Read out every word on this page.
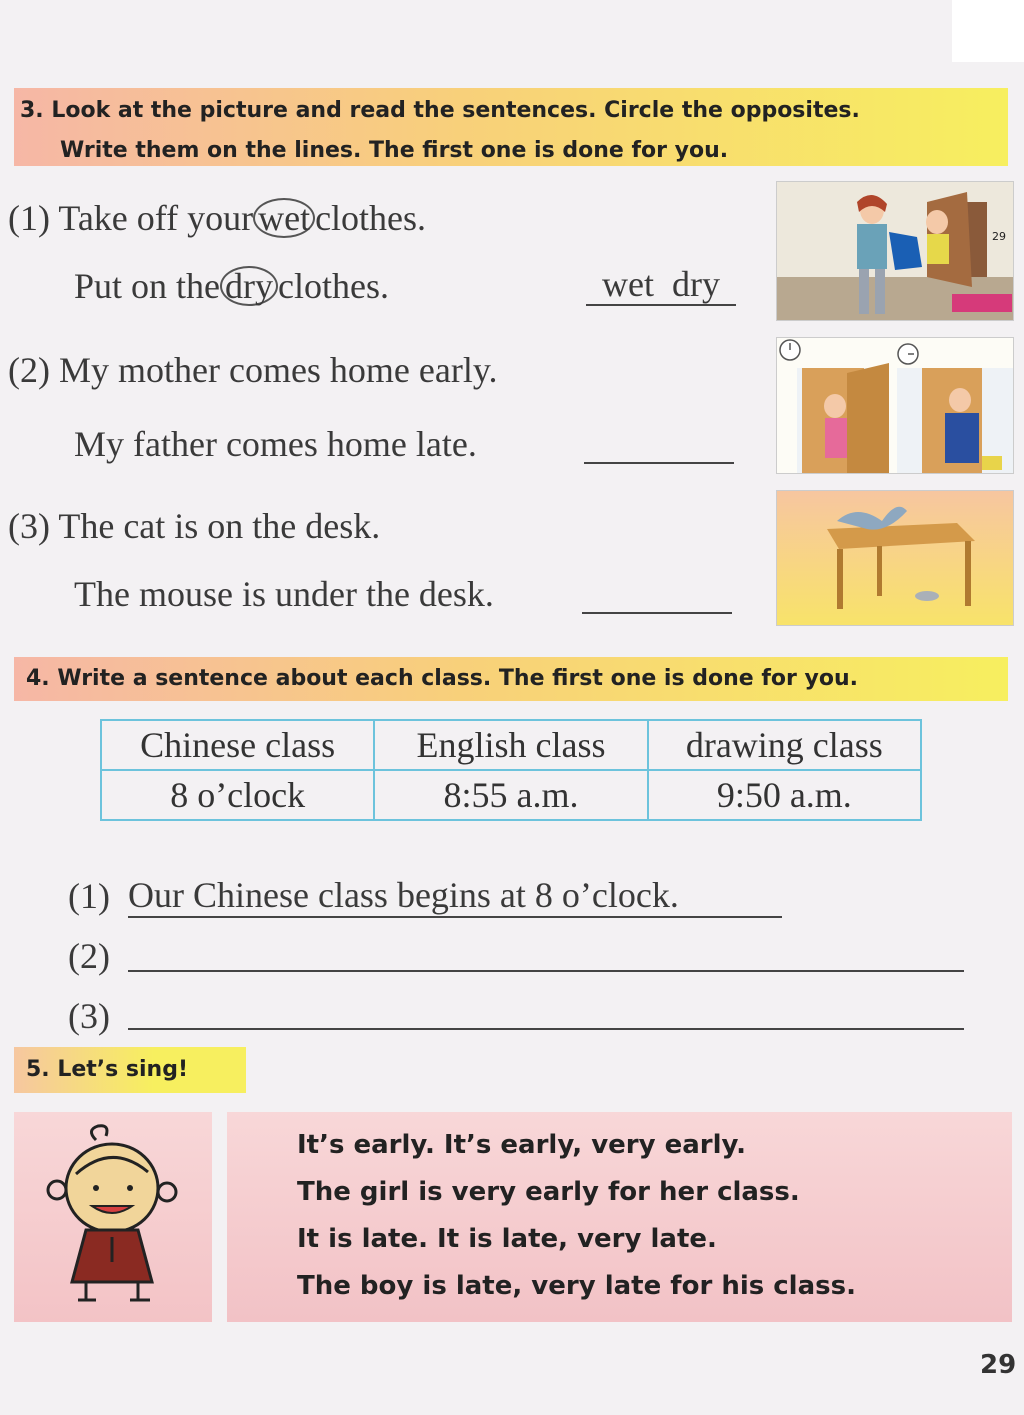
3. Look at the picture and read the sentences. Circle the opposites.
Write them on the lines. The first one is done for you.
(1) Take off your wet clothes.
Put on the dry clothes.	wet  dry
(2) My mother comes home early.
My father comes home late.
(3) The cat is on the desk.
The mouse is under the desk.
29
4. Write a sentence about each class. The first one is done for you.
Chinese class	English class	drawing class
8 o’clock	8:55 a.m.	9:50 a.m.
(1) Our Chinese class begins at 8 o’clock.
(2)
(3)
5. Let’s sing!
It’s early. It’s early, very early.
The girl is very early for her class.
It is late. It is late, very late.
The boy is late, very late for his class.
29
